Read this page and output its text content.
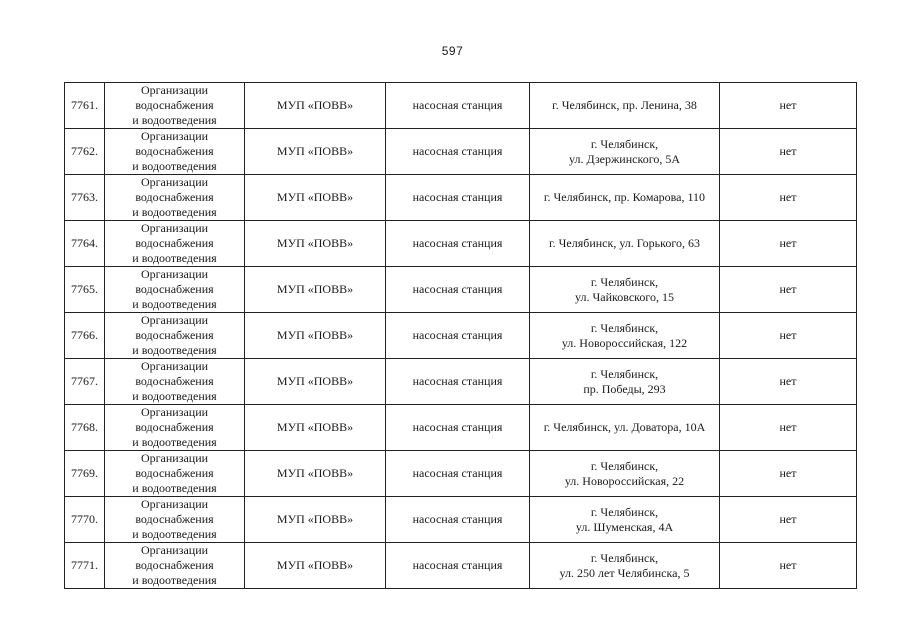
597
7761.	Организации
водоснабжения
и водоотведения	МУП «ПОВВ»	насосная станция	г. Челябинск, пр. Ленина, 38	нет
7762.	Организации
водоснабжения
и водоотведения	МУП «ПОВВ»	насосная станция	г. Челябинск,
ул. Дзержинского, 5А	нет
7763.	Организации
водоснабжения
и водоотведения	МУП «ПОВВ»	насосная станция	г. Челябинск, пр. Комарова, 110	нет
7764.	Организации
водоснабжения
и водоотведения	МУП «ПОВВ»	насосная станция	г. Челябинск, ул. Горького, 63	нет
7765.	Организации
водоснабжения
и водоотведения	МУП «ПОВВ»	насосная станция	г. Челябинск,
ул. Чайковского, 15	нет
7766.	Организации
водоснабжения
и водоотведения	МУП «ПОВВ»	насосная станция	г. Челябинск,
ул. Новороссийская, 122	нет
7767.	Организации
водоснабжения
и водоотведения	МУП «ПОВВ»	насосная станция	г. Челябинск,
пр. Победы, 293	нет
7768.	Организации
водоснабжения
и водоотведения	МУП «ПОВВ»	насосная станция	г. Челябинск, ул. Доватора, 10А	нет
7769.	Организации
водоснабжения
и водоотведения	МУП «ПОВВ»	насосная станция	г. Челябинск,
ул. Новороссийская, 22	нет
7770.	Организации
водоснабжения
и водоотведения	МУП «ПОВВ»	насосная станция	г. Челябинск,
ул. Шуменская, 4А	нет
7771.	Организации
водоснабжения
и водоотведения	МУП «ПОВВ»	насосная станция	г. Челябинск,
ул. 250 лет Челябинска, 5	нет
